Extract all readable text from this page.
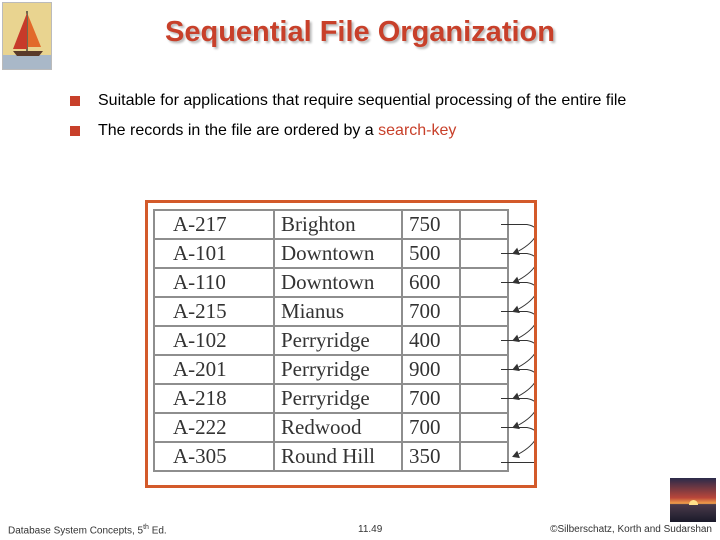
Sequential File Organization
Suitable for applications that require sequential processing of the entire file
The records in the file are ordered by a search-key
A-217	Brighton	750	
A-101	Downtown	500	
A-110	Downtown	600	
A-215	Mianus	700	
A-102	Perryridge	400	
A-201	Perryridge	900	
A-218	Perryridge	700	
A-222	Redwood	700	
A-305	Round Hill	350	
Database System Concepts, 5th Ed.	11.49	©Silberschatz, Korth and Sudarshan
